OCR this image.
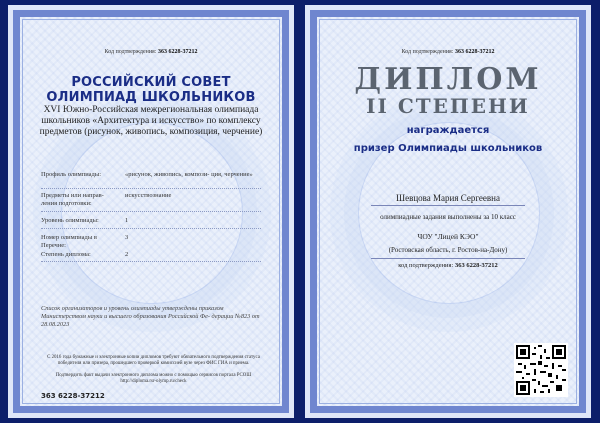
Код подтверждения: 363 6228-37212
РОССИЙСКИЙ СОВЕТ
ОЛИМПИАД ШКОЛЬНИКОВ
XVI Южно-Российская межрегиональная олимпиада школьников «Архитектура и искусство» по комплексу предметов (рисунок, живопись, композиция, черчение)
Профиль олимпиады:	«рисунок, живопись, компози- ция, черчение»
Предметы или направ- ления подготовки:
искусствознание
Уровень олимпиады:	1
Номер олимпиады в Перечне:
3
Степень диплома:	2
Список организаторов и уровень олимпиады утверждены приказом Министерством науки и высшего образования Российской Фе- дерации №823 от 28.08.2023
С 2016 года бумажные и электронные копии дипломов требуют обязательного подтверждения статуса победителя или призера, прошедшего проверкой комиссией вузе через ФИС ГИА и приема.
Подтвердить факт выдачи электронного диплома можно с помощью сервисов портала РСОШ http://diploma.rsr-olymp.ru/check
363 6228-37212
Код подтверждения: 363 6228-37212
ДИПЛОМ
II СТЕПЕНИ
награждается
призер Олимпиады школьников
Шевцова Мария Сергеевна
олимпиадные задания выполнены за 10 класс
ЧОУ "Лицей КЭО"
(Ростовская область, г. Ростов-на-Дону)
код подтверждения: 363 6228-37212
